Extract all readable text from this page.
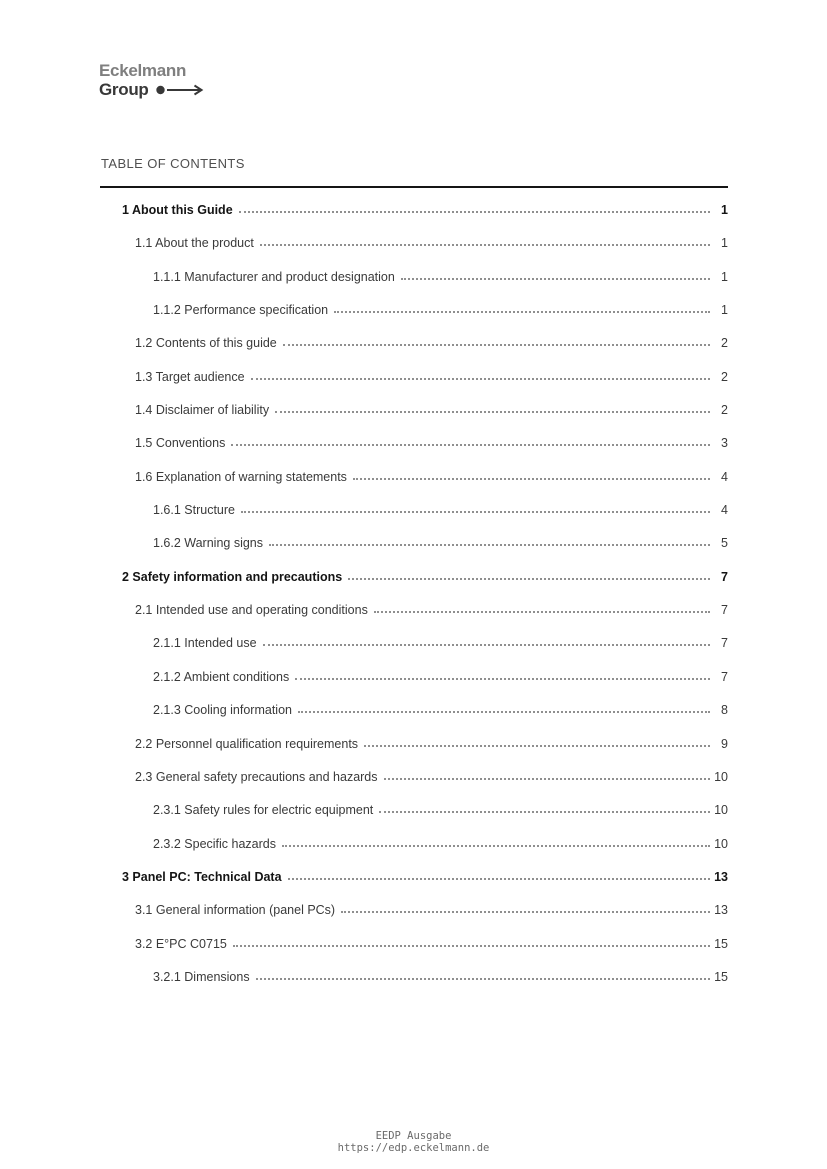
Eckelmann
Group
TABLE OF CONTENTS
1 About this Guide	1
1.1 About the product	1
1.1.1 Manufacturer and product designation	1
1.1.2 Performance specification	1
1.2 Contents of this guide	2
1.3 Target audience	2
1.4 Disclaimer of liability	2
1.5 Conventions	3
1.6 Explanation of warning statements	4
1.6.1 Structure	4
1.6.2 Warning signs	5
2 Safety information and precautions	7
2.1 Intended use and operating conditions	7
2.1.1 Intended use	7
2.1.2 Ambient conditions	7
2.1.3 Cooling information	8
2.2 Personnel qualification requirements	9
2.3 General safety precautions and hazards	10
2.3.1 Safety rules for electric equipment	10
2.3.2 Specific hazards	10
3 Panel PC: Technical Data	13
3.1 General information (panel PCs)	13
3.2 E°PC C0715	15
3.2.1 Dimensions	15
EEDP Ausgabe
https://edp.eckelmann.de
